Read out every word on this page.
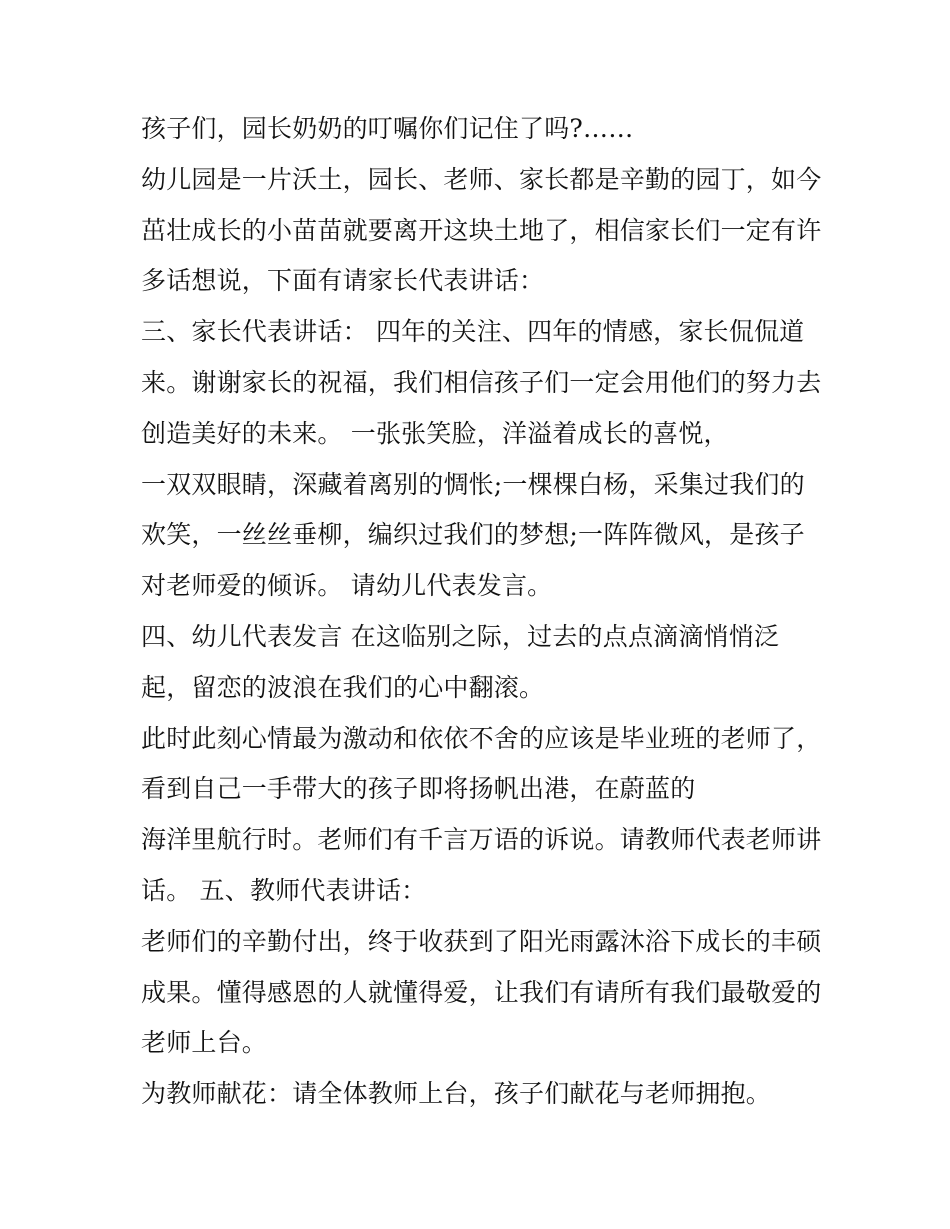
孩子们，园长奶奶的叮嘱你们记住了吗?……
幼儿园是一片沃土，园长、老师、家长都是辛勤的园丁，如今
茁壮成长的小苗苗就要离开这块土地了，相信家长们一定有许
多话想说，下面有请家长代表讲话：
三、家长代表讲话： 四年的关注、四年的情感，家长侃侃道
来。谢谢家长的祝福，我们相信孩子们一定会用他们的努力去
创造美好的未来。 一张张笑脸，洋溢着成长的喜悦，
一双双眼睛，深藏着离别的惆怅;一棵棵白杨，采集过我们的
欢笑，一丝丝垂柳，编织过我们的梦想;一阵阵微风，是孩子
对老师爱的倾诉。 请幼儿代表发言。
四、幼儿代表发言 在这临别之际，过去的点点滴滴悄悄泛
起，留恋的波浪在我们的心中翻滚。
此时此刻心情最为激动和依依不舍的应该是毕业班的老师了，
看到自己一手带大的孩子即将扬帆出港，在蔚蓝的
海洋里航行时。老师们有千言万语的诉说。请教师代表老师讲
话。 五、教师代表讲话：
老师们的辛勤付出，终于收获到了阳光雨露沐浴下成长的丰硕
成果。懂得感恩的人就懂得爱，让我们有请所有我们最敬爱的
老师上台。
为教师献花：请全体教师上台，孩子们献花与老师拥抱。
